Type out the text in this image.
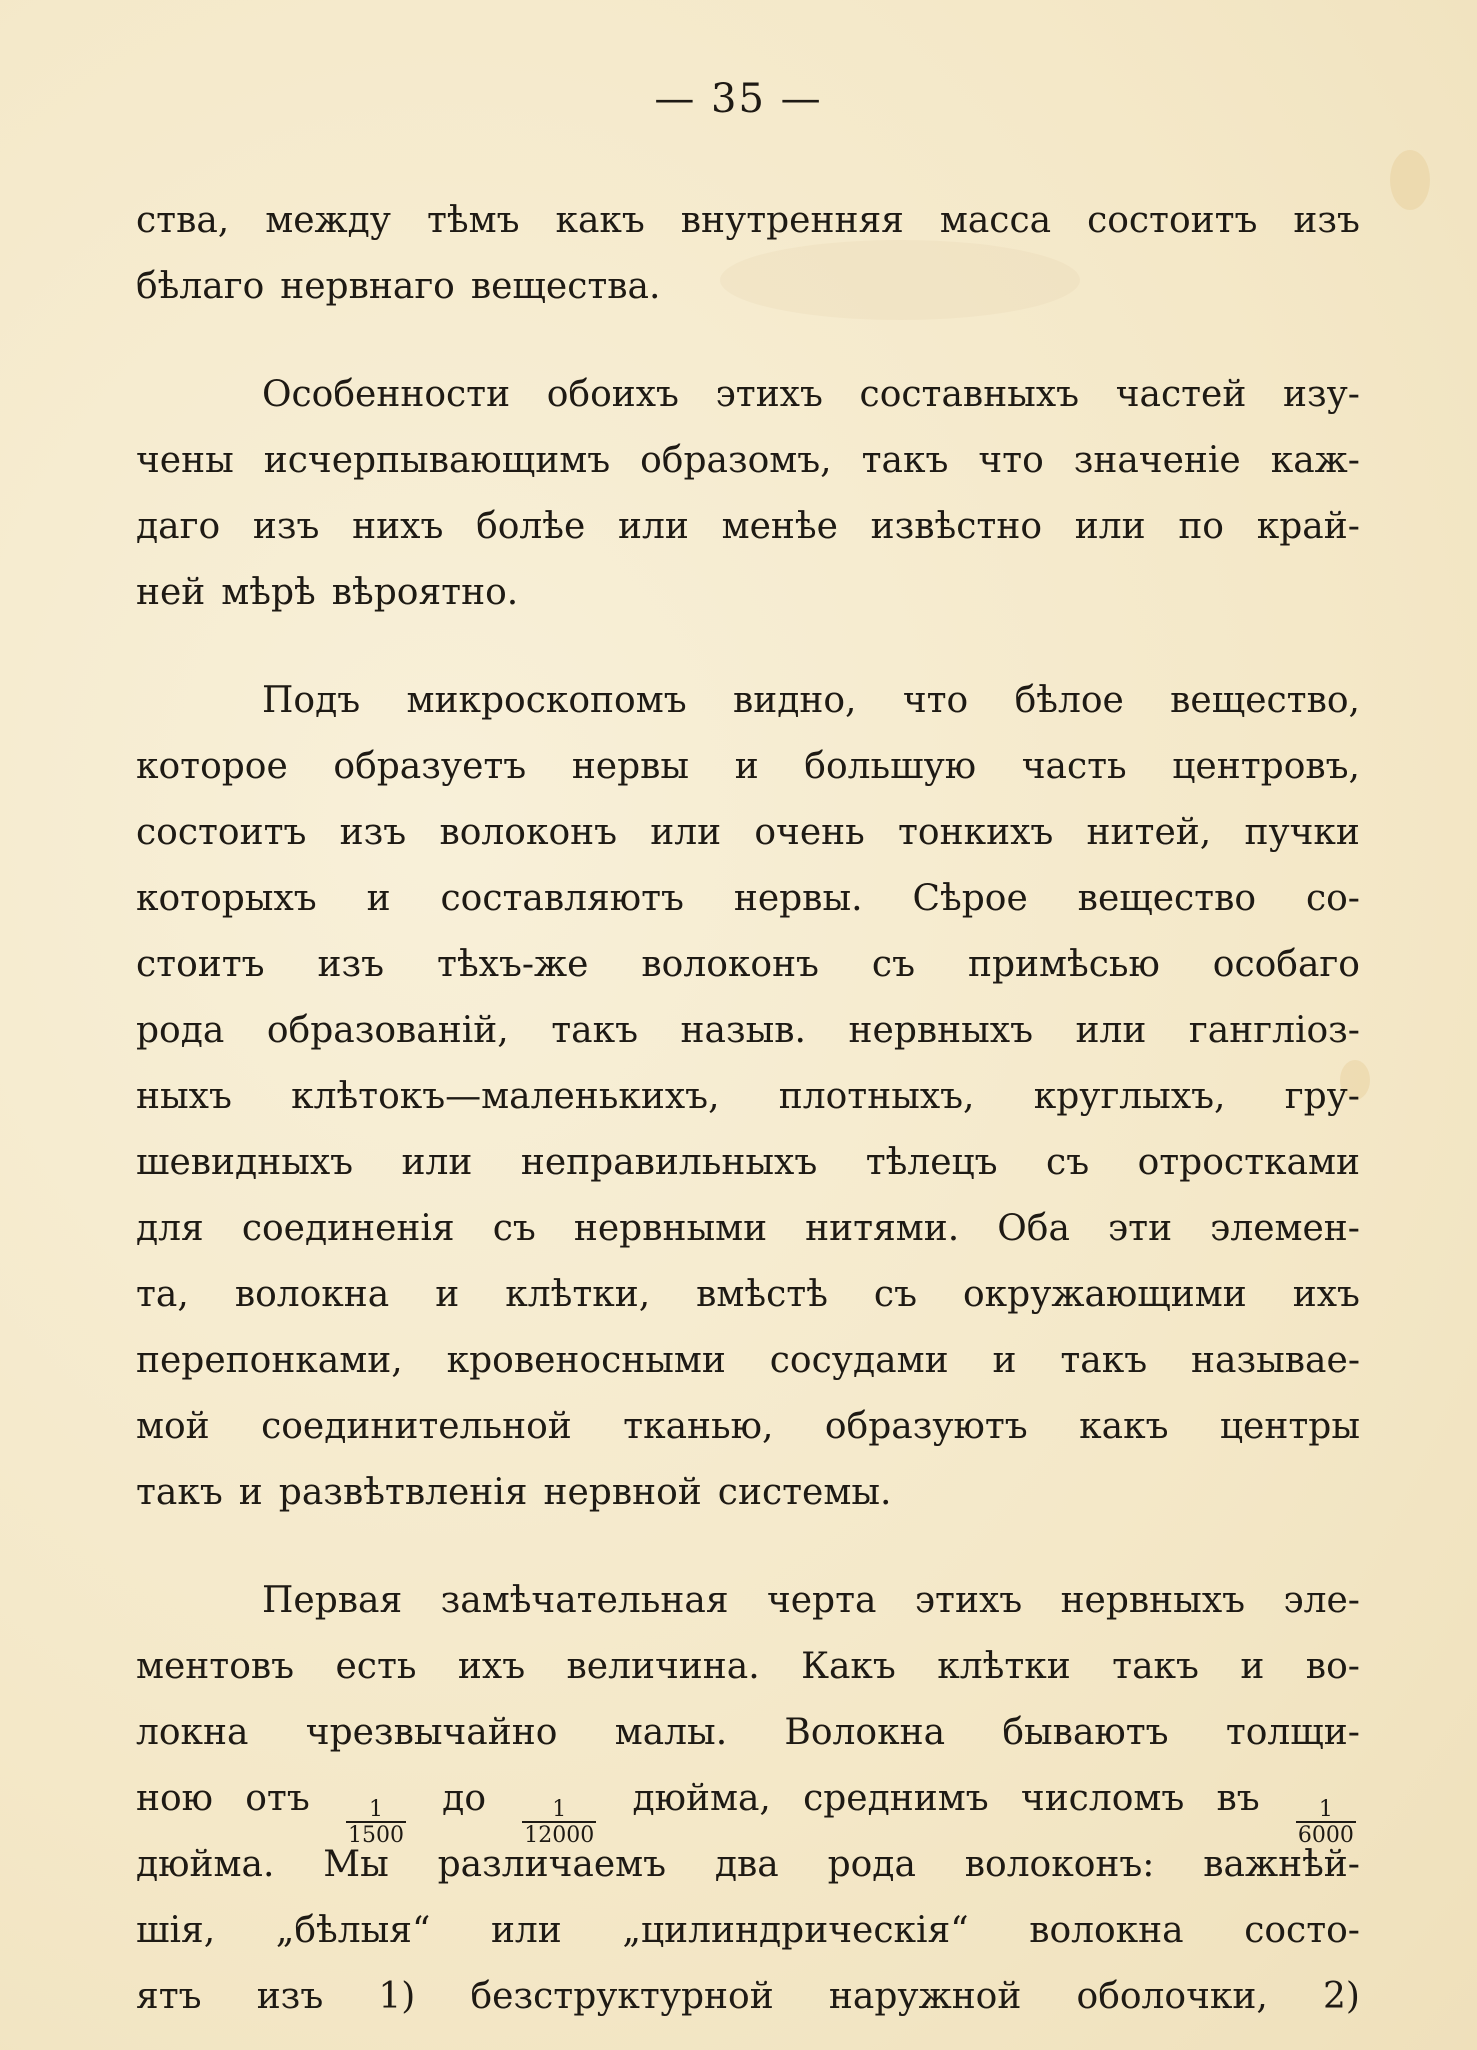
— 35 —
ства, между тѣмъ какъ внутренняя масса состоитъ изъ
бѣлаго нервнаго вещества.
Особенности обоихъ этихъ составныхъ частей изу-
чены исчерпывающимъ образомъ, такъ что значеніе каж-
даго изъ нихъ болѣе или менѣе извѣстно или по край-
ней мѣрѣ вѣроятно.
Подъ микроскопомъ видно, что бѣлое вещество,
которое образуетъ нервы и большую часть центровъ,
состоитъ изъ волоконъ или очень тонкихъ нитей, пучки
которыхъ и составляютъ нервы. Сѣрое вещество со-
стоитъ изъ тѣхъ-же волоконъ съ примѣсью особаго
рода образованій, такъ назыв. нервныхъ или гангліоз-
ныхъ клѣтокъ—маленькихъ, плотныхъ, круглыхъ, гру-
шевидныхъ или неправильныхъ тѣлецъ съ отростками
для соединенія съ нервными нитями. Оба эти элемен-
та, волокна и клѣтки, вмѣстѣ съ окружающими ихъ
перепонками, кровеносными сосудами и такъ называе-
мой соединительной тканью, образуютъ какъ центры
такъ и развѣтвленія нервной системы.
Первая замѣчательная черта этихъ нервныхъ эле-
ментовъ есть ихъ величина. Какъ клѣтки такъ и во-
локна чрезвычайно малы. Волокна бываютъ толщи-
ною отъ
$\frac{1}{1500}$
до
$\frac{1}{12000}$
дюйма, среднимъ числомъ въ
$\frac{1}{6000}$
дюйма. Мы различаемъ два рода волоконъ: важнѣй-
шія, „бѣлыя“ или „цилиндрическія“ волокна состо-
ятъ изъ 1) безструктурной наружной оболочки, 2)
